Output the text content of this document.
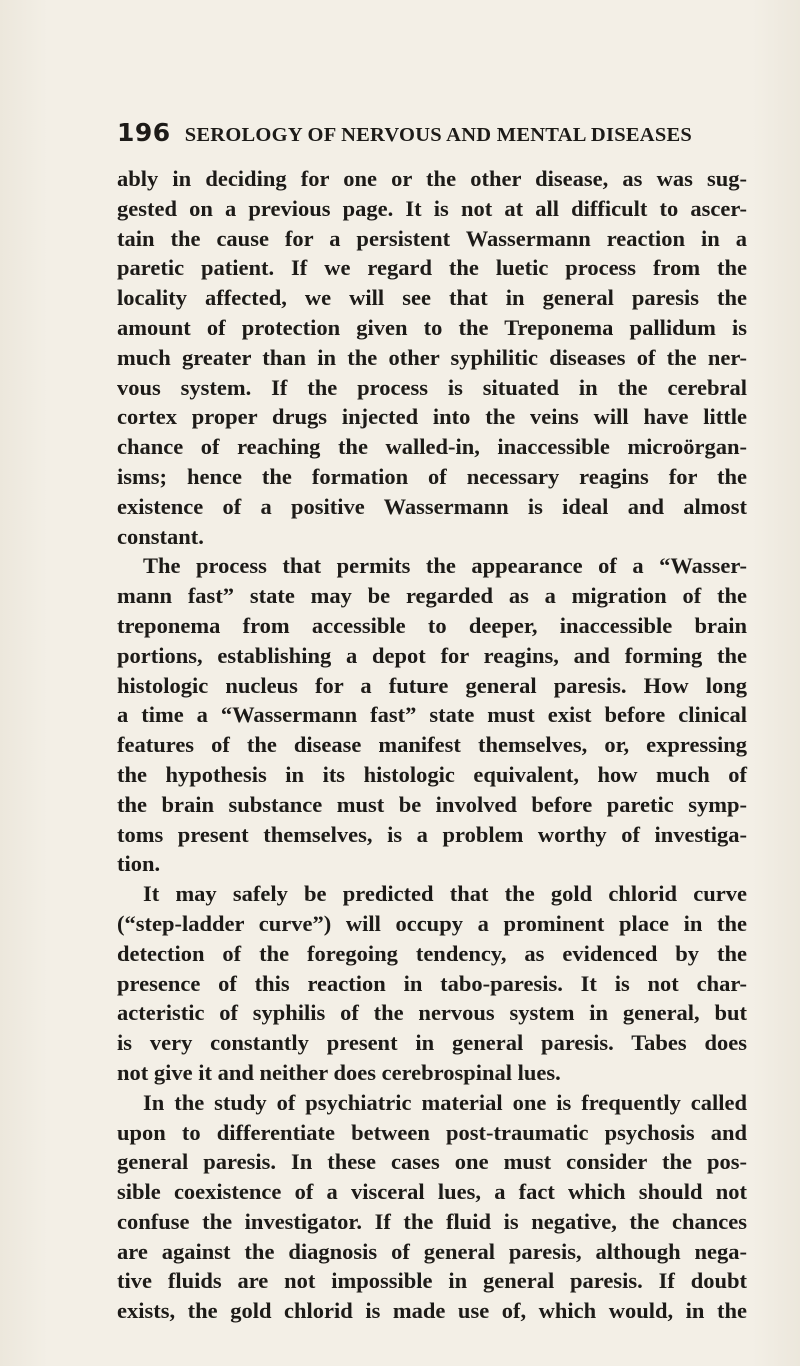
196 SEROLOGY OF NERVOUS AND MENTAL DISEASES
ably in deciding for one or the other disease, as was sug-
gested on a previous page. It is not at all difficult to ascer-
tain the cause for a persistent Wassermann reaction in a
paretic patient. If we regard the luetic process from the
locality affected, we will see that in general paresis the
amount of protection given to the Treponema pallidum is
much greater than in the other syphilitic diseases of the ner-
vous system. If the process is situated in the cerebral
cortex proper drugs injected into the veins will have little
chance of reaching the walled-in, inaccessible microörgan-
isms; hence the formation of necessary reagins for the
existence of a positive Wassermann is ideal and almost
constant.
The process that permits the appearance of a “Wasser-
mann fast” state may be regarded as a migration of the
treponema from accessible to deeper, inaccessible brain
portions, establishing a depot for reagins, and forming the
histologic nucleus for a future general paresis. How long
a time a “Wassermann fast” state must exist before clinical
features of the disease manifest themselves, or, expressing
the hypothesis in its histologic equivalent, how much of
the brain substance must be involved before paretic symp-
toms present themselves, is a problem worthy of investiga-
tion.
It may safely be predicted that the gold chlorid curve
(“step-ladder curve”) will occupy a prominent place in the
detection of the foregoing tendency, as evidenced by the
presence of this reaction in tabo-paresis. It is not char-
acteristic of syphilis of the nervous system in general, but
is very constantly present in general paresis. Tabes does
not give it and neither does cerebrospinal lues.
In the study of psychiatric material one is frequently called
upon to differentiate between post-traumatic psychosis and
general paresis. In these cases one must consider the pos-
sible coexistence of a visceral lues, a fact which should not
confuse the investigator. If the fluid is negative, the chances
are against the diagnosis of general paresis, although nega-
tive fluids are not impossible in general paresis. If doubt
exists, the gold chlorid is made use of, which would, in the
